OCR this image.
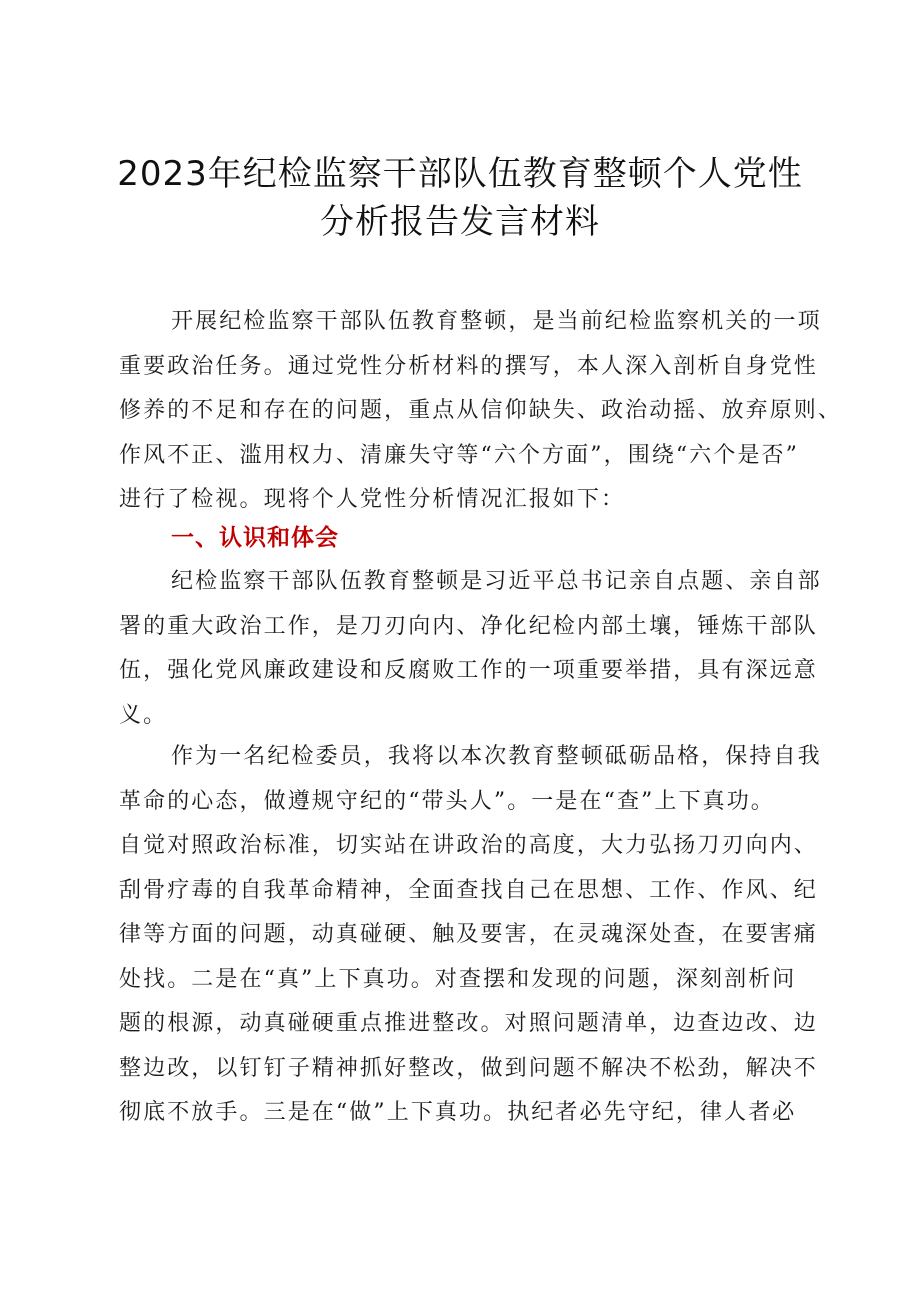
2023年纪检监察干部队伍教育整顿个人党性
分析报告发言材料
开展纪检监察干部队伍教育整顿，是当前纪检监察机关的一项
重要政治任务。通过党性分析材料的撰写，本人深入剖析自身党性
修养的不足和存在的问题，重点从信仰缺失、政治动摇、放弃原则、
作风不正、滥用权力、清廉失守等“六个方面”，围绕“六个是否”
进行了检视。现将个人党性分析情况汇报如下：
一、认识和体会
纪检监察干部队伍教育整顿是习近平总书记亲自点题、亲自部
署的重大政治工作，是刀刃向内、净化纪检内部土壤，锤炼干部队
伍，强化党风廉政建设和反腐败工作的一项重要举措，具有深远意
义。
作为一名纪检委员，我将以本次教育整顿砥砺品格，保持自我
革命的心态，做遵规守纪的“带头人”。一是在“查”上下真功。
自觉对照政治标准，切实站在讲政治的高度，大力弘扬刀刃向内、
刮骨疗毒的自我革命精神，全面查找自己在思想、工作、作风、纪
律等方面的问题，动真碰硬、触及要害，在灵魂深处查，在要害痛
处找。二是在“真”上下真功。对查摆和发现的问题，深刻剖析问
题的根源，动真碰硬重点推进整改。对照问题清单，边查边改、边
整边改，以钉钉子精神抓好整改，做到问题不解决不松劲，解决不
彻底不放手。三是在“做”上下真功。执纪者必先守纪，律人者必
